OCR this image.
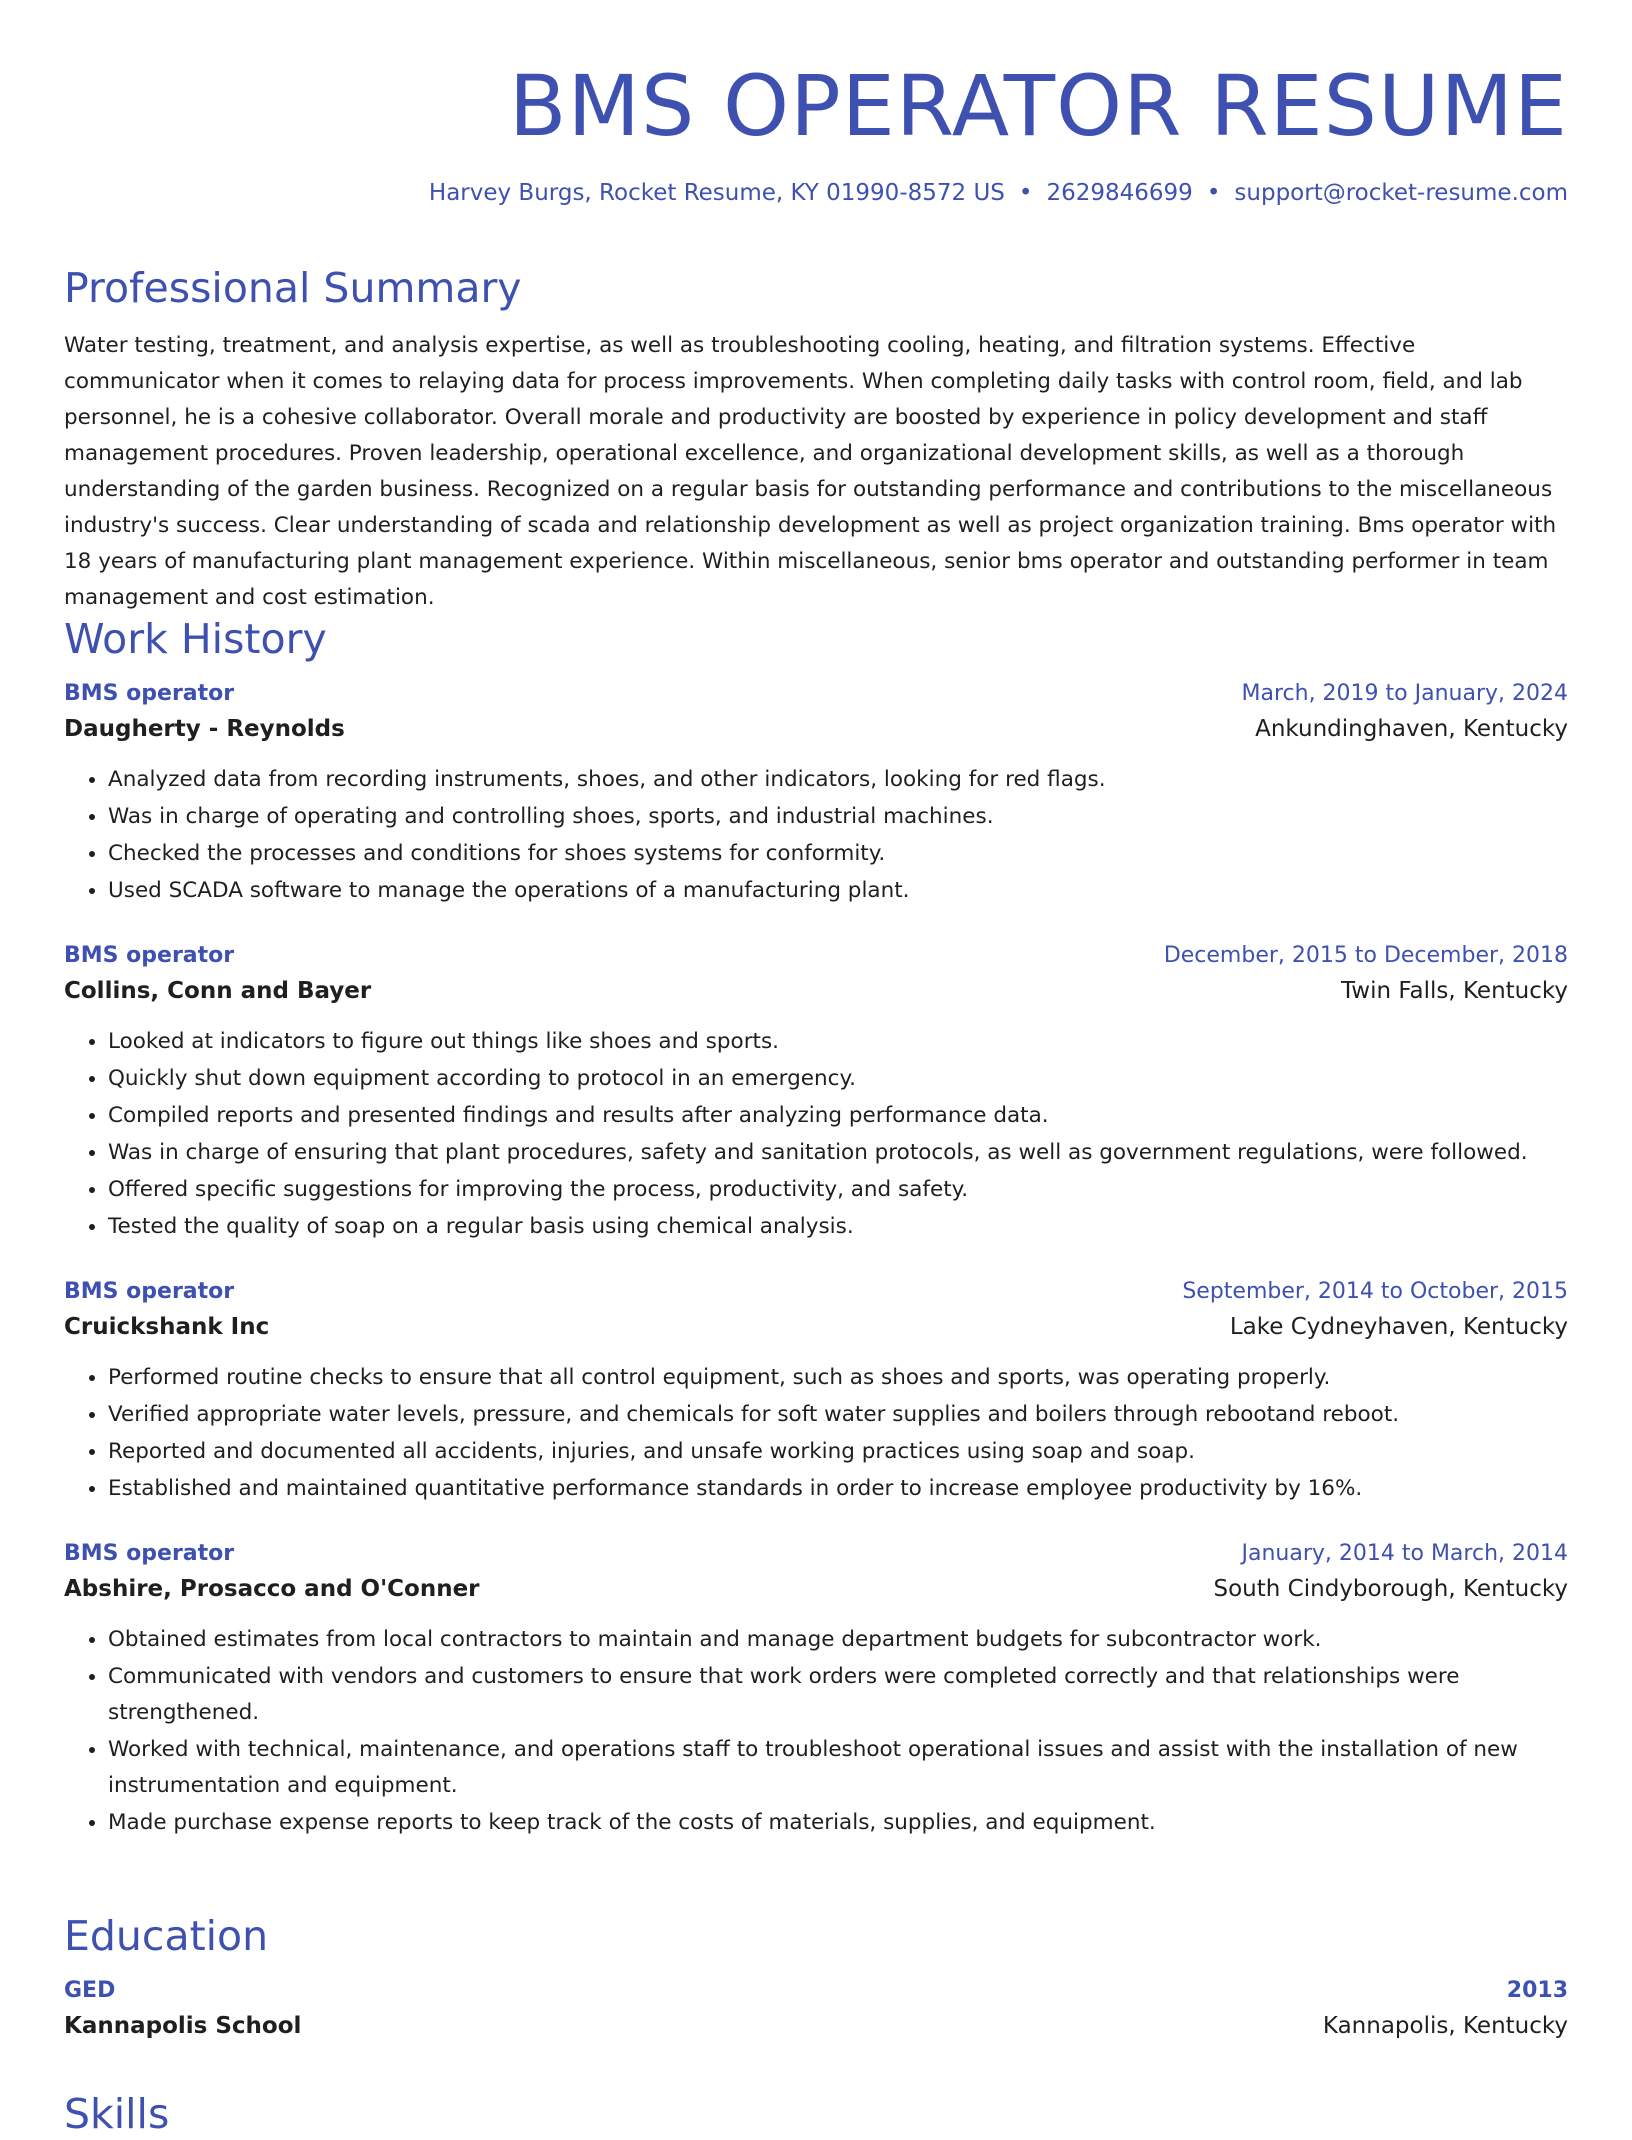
BMS OPERATOR RESUME
Harvey Burgs, Rocket Resume, KY 01990-8572 US • 2629846699 • support@rocket-resume.com
Professional Summary

Water testing, treatment, and analysis expertise, as well as troubleshooting cooling, heating, and filtration systems. Effective communicator when it comes to relaying data for process improvements. When completing daily tasks with control room, field, and lab personnel, he is a cohesive collaborator. Overall morale and productivity are boosted by experience in policy development and staff management procedures. Proven leadership, operational excellence, and organizational development skills, as well as a thorough understanding of the garden business. Recognized on a regular basis for outstanding performance and contributions to the miscellaneous industry's success. Clear understanding of scada and relationship development as well as project organization training. Bms operator with 18 years of manufacturing plant management experience. Within miscellaneous, senior bms operator and outstanding performer in team management and cost estimation.

Work History
BMS operator	March, 2019 to January, 2024
Daugherty - Reynolds	Ankundinghaven, Kentucky
• Analyzed data from recording instruments, shoes, and other indicators, looking for red flags.
• Was in charge of operating and controlling shoes, sports, and industrial machines.
• Checked the processes and conditions for shoes systems for conformity.
• Used SCADA software to manage the operations of a manufacturing plant.
BMS operator	December, 2015 to December, 2018
Collins, Conn and Bayer	Twin Falls, Kentucky
• Looked at indicators to figure out things like shoes and sports.
• Quickly shut down equipment according to protocol in an emergency.
• Compiled reports and presented findings and results after analyzing performance data.
• Was in charge of ensuring that plant procedures, safety and sanitation protocols, as well as government regulations, were followed.
• Offered specific suggestions for improving the process, productivity, and safety.
• Tested the quality of soap on a regular basis using chemical analysis.
BMS operator	September, 2014 to October, 2015
Cruickshank Inc	Lake Cydneyhaven, Kentucky
• Performed routine checks to ensure that all control equipment, such as shoes and sports, was operating properly.
• Verified appropriate water levels, pressure, and chemicals for soft water supplies and boilers through rebootand reboot.
• Reported and documented all accidents, injuries, and unsafe working practices using soap and soap.
• Established and maintained quantitative performance standards in order to increase employee productivity by 16%.
BMS operator	January, 2014 to March, 2014
Abshire, Prosacco and O'Conner	South Cindyborough, Kentucky
• Obtained estimates from local contractors to maintain and manage department budgets for subcontractor work.
• Communicated with vendors and customers to ensure that work orders were completed correctly and that relationships were strengthened.
• Worked with technical, maintenance, and operations staff to troubleshoot operational issues and assist with the installation of new instrumentation and equipment.
• Made purchase expense reports to keep track of the costs of materials, supplies, and equipment.
Education
GED	2013
Kannapolis School	Kannapolis, Kentucky
Skills
